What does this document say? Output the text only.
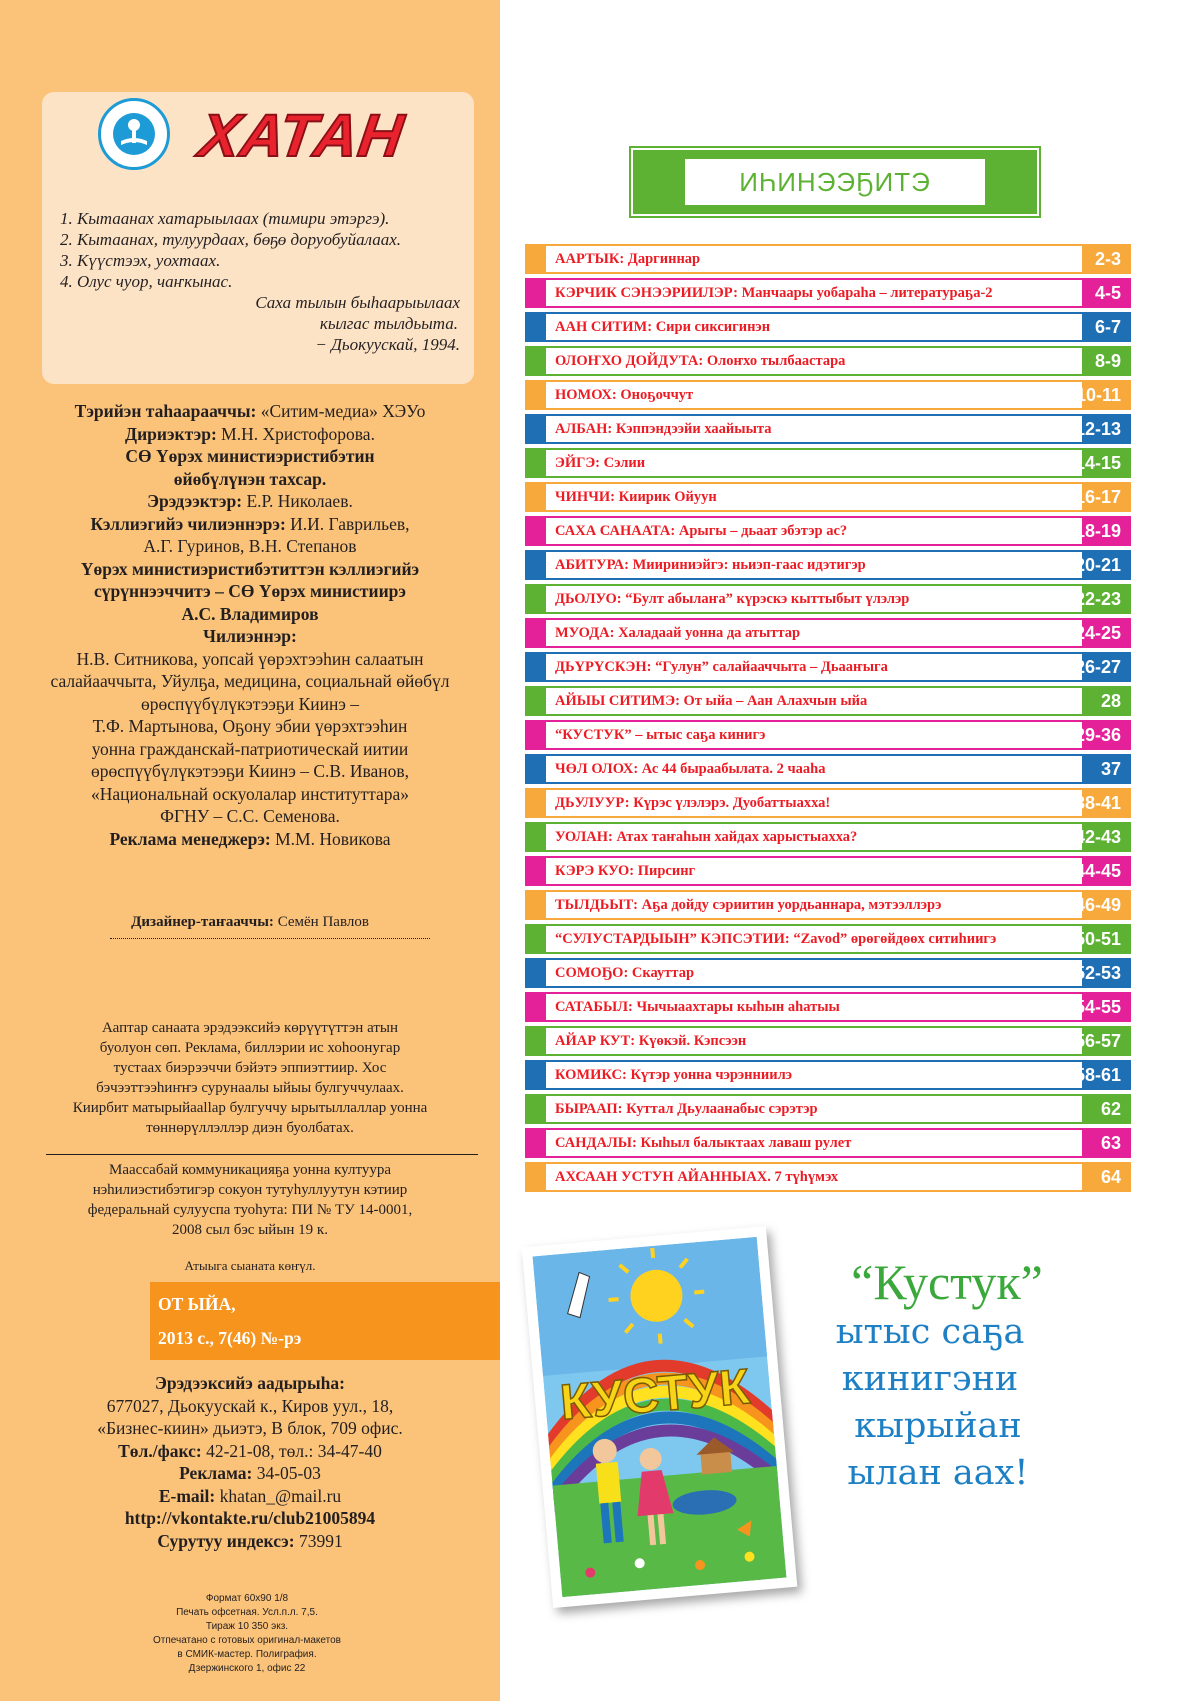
ХАТАН
1. Кытаанах хатарыылаах (тимири этэргэ).
2. Кытаанах, тулуурдаах, бөҕө доруобуйалаах.
3. Күүстээх, уохтаах.
4. Олус чуор, чаҥкынас.
Саха тылын быһаарыылаах
кылгас тылдьыта.
− Дьокуускай, 1994.
Тэрийэн таһаарааччы: «Ситим-медиа» ХЭУо
Дириэктэр: М.Н. Христофорова.
СӨ Үөрэх министиэристибэтин
өйөбүлүнэн тахсар.
Эрэдээктэр: Е.Р. Николаев.
Кэллиэгийэ чилиэннэрэ: И.И. Гаврильев,
А.Г. Гуринов, В.Н. Степанов
Үөрэх министиэристибэтиттэн кэллиэгийэ
сүрүннээччитэ – СӨ Үөрэх министиирэ
А.С. Владимиров
Чилиэннэр:
Н.В. Ситникова, уопсай үөрэхтээһин салаатын
салайааччыта, Уйулҕа, медицина, социальнай өйөбүл
өрөспүүбүлүкэтээҕи Киинэ –
Т.Ф. Мартынова, Оҕону эбии үөрэхтээһин
уонна гражданскай-патриотическай иитии
өрөспүүбүлүкэтээҕи Киинэ – С.В. Иванов,
«Национальнай оскуолалар институттара»
ФГНУ – С.С. Семенова.
Реклама менеджерэ: М.М. Новикова
Дизайнер-таҥааччы: Семён Павлов
Ааптар санаата эрэдээксийэ көрүүтүттэн атын
буолуон сөп. Реклама, биллэрии ис хоһоонугар
тустаах биэрээччи бэйэтэ эппиэттиир. Хос
бэчээттээһиҥҥэ сурунаалы ыйыы булгуччулаах.
Киирбит матырыйаallар булгуччу ырытыллаллар уонна
төннөрүллэллэр диэн буолбатах.
Маассабай коммуникацияҕа уонна култуура
нэһилиэстибэтигэр сокуон тутуһуллуутун кэтиир
федеральнай сулууспа туоһута: ПИ № ТУ 14-0001,
2008 сыл бэс ыйын 19 к.
Атыыга сыаната көҥүл.
ОТ ЫЙА,
2013 с., 7(46) №-рэ
Эрэдээксийэ аадырыһа:
677027, Дьокуускай к., Киров уул., 18,
«Бизнес-киин» дьиэтэ, В блок, 709 офис.
Төл./факс: 42-21-08, төл.: 34-47-40
Реклама: 34-05-03
E-mail: khatan_@mail.ru
http://vkontakte.ru/club21005894
Сурутуу индексэ: 73991
Формат 60х90 1/8
Печать офсетная. Усл.п.л. 7,5.
Тираж 10 350 экз.
Отпечатано с готовых оригинал-макетов
в СМИК-мастер. Полиграфия.
Дзержинского 1, офис 22
ИҺИНЭЭҔИТЭ
ААРТЫК: Даргиннар	2-3
КЭРЧИК СЭНЭЭРИИЛЭР: Манчаары уобараһа – литератураҕа-2	4-5
ААН СИТИМ: Сири сиксигинэн	6-7
ОЛОҤХО ДОЙДУТА: Олоҥхо тылбаастара	8-9
НОМОХ: Оноҕоччут	10-11
АЛБАН: Кэппэндээйи хаайыыта	12-13
ЭЙГЭ: Сэлии	14-15
ЧИНЧИ: Киирик Ойуун	16-17
САХА САНААТА: Арыгы – дьаат эбэтэр ас?	18-19
АБИТУРА: Миириниэйгэ: ньиэп-гаас идэтигэр	20-21
ДЬОЛУО: “Булт абылаҥа” күрэскэ кыттыбыт үлэлэр	22-23
МУОДА: Халадаай уонна да атыттар	24-25
ДЬҮРҮСКЭН: “Гулун” салайааччыта – Дьааҥыга	26-27
АЙЫЫ СИТИМЭ: От ыйа – Аан Алахчын ыйа	28
“КУСТУК” – ытыс саҕа кинигэ	29-36
ЧӨЛ ОЛОХ: Ас 44 быраабылата. 2 чааһа	37
ДЬУЛУУР: Күрэс үлэлэрэ. Дуобаттыахха!	38-41
УОЛАН: Атах таҥаһын хайдах харыстыахха?	42-43
КЭРЭ КУО: Пирсинг	44-45
ТЫЛДЬЫТ: Аҕа дойду сэриитин уордьаннара, мэтээллэрэ	46-49
“СУЛУСТАРДЫЫН” КЭПСЭТИИ: “Zavod” өрөгөйдөөх ситиһиигэ	50-51
СОМОҔО: Скауттар	52-53
САТАБЫЛ: Чычыаахтары кыһын аһатыы	54-55
АЙАР КУТ: Күөкэй. Кэпсээн	56-57
КОМИКС: Күтэр уонна чэрэнниилэ	58-61
БЫРААП: Куттал Дьулаанабыс сэрэтэр	62
САНДАЛЫ: Кыһыл балыктаах лаваш рулет	63
АХСААН УСТУН АЙАННЫАХ. 7 түһүмэх	64
КУСТУК
“Кустук”
ытыс саҕа
кинигэни
кырыйан
ылан аах!
